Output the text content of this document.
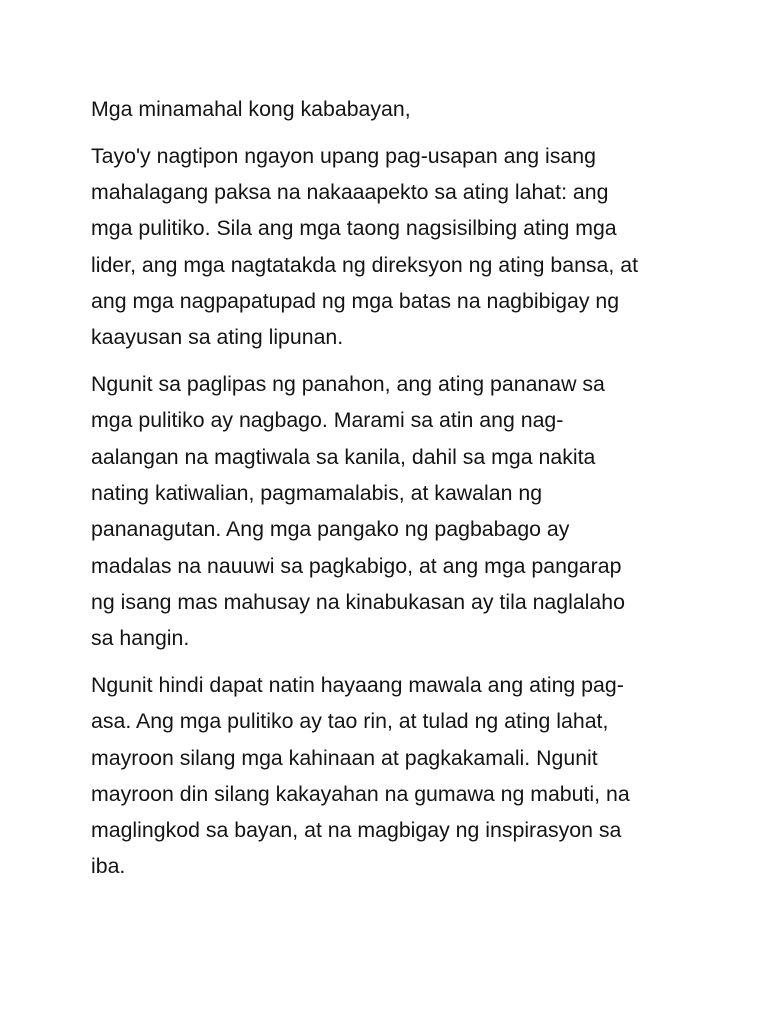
Mga minamahal kong kababayan,

Tayo'y nagtipon ngayon upang pag-usapan ang isang
mahalagang paksa na nakaaapekto sa ating lahat: ang
mga pulitiko. Sila ang mga taong nagsisilbing ating mga
lider, ang mga nagtatakda ng direksyon ng ating bansa, at
ang mga nagpapatupad ng mga batas na nagbibigay ng
kaayusan sa ating lipunan.

Ngunit sa paglipas ng panahon, ang ating pananaw sa
mga pulitiko ay nagbago. Marami sa atin ang nag-
aalangan na magtiwala sa kanila, dahil sa mga nakita
nating katiwalian, pagmamalabis, at kawalan ng
pananagutan. Ang mga pangako ng pagbabago ay
madalas na nauuwi sa pagkabigo, at ang mga pangarap
ng isang mas mahusay na kinabukasan ay tila naglalaho
sa hangin.

Ngunit hindi dapat natin hayaang mawala ang ating pag-
asa. Ang mga pulitiko ay tao rin, at tulad ng ating lahat,
mayroon silang mga kahinaan at pagkakamali. Ngunit
mayroon din silang kakayahan na gumawa ng mabuti, na
maglingkod sa bayan, at na magbigay ng inspirasyon sa
iba.
